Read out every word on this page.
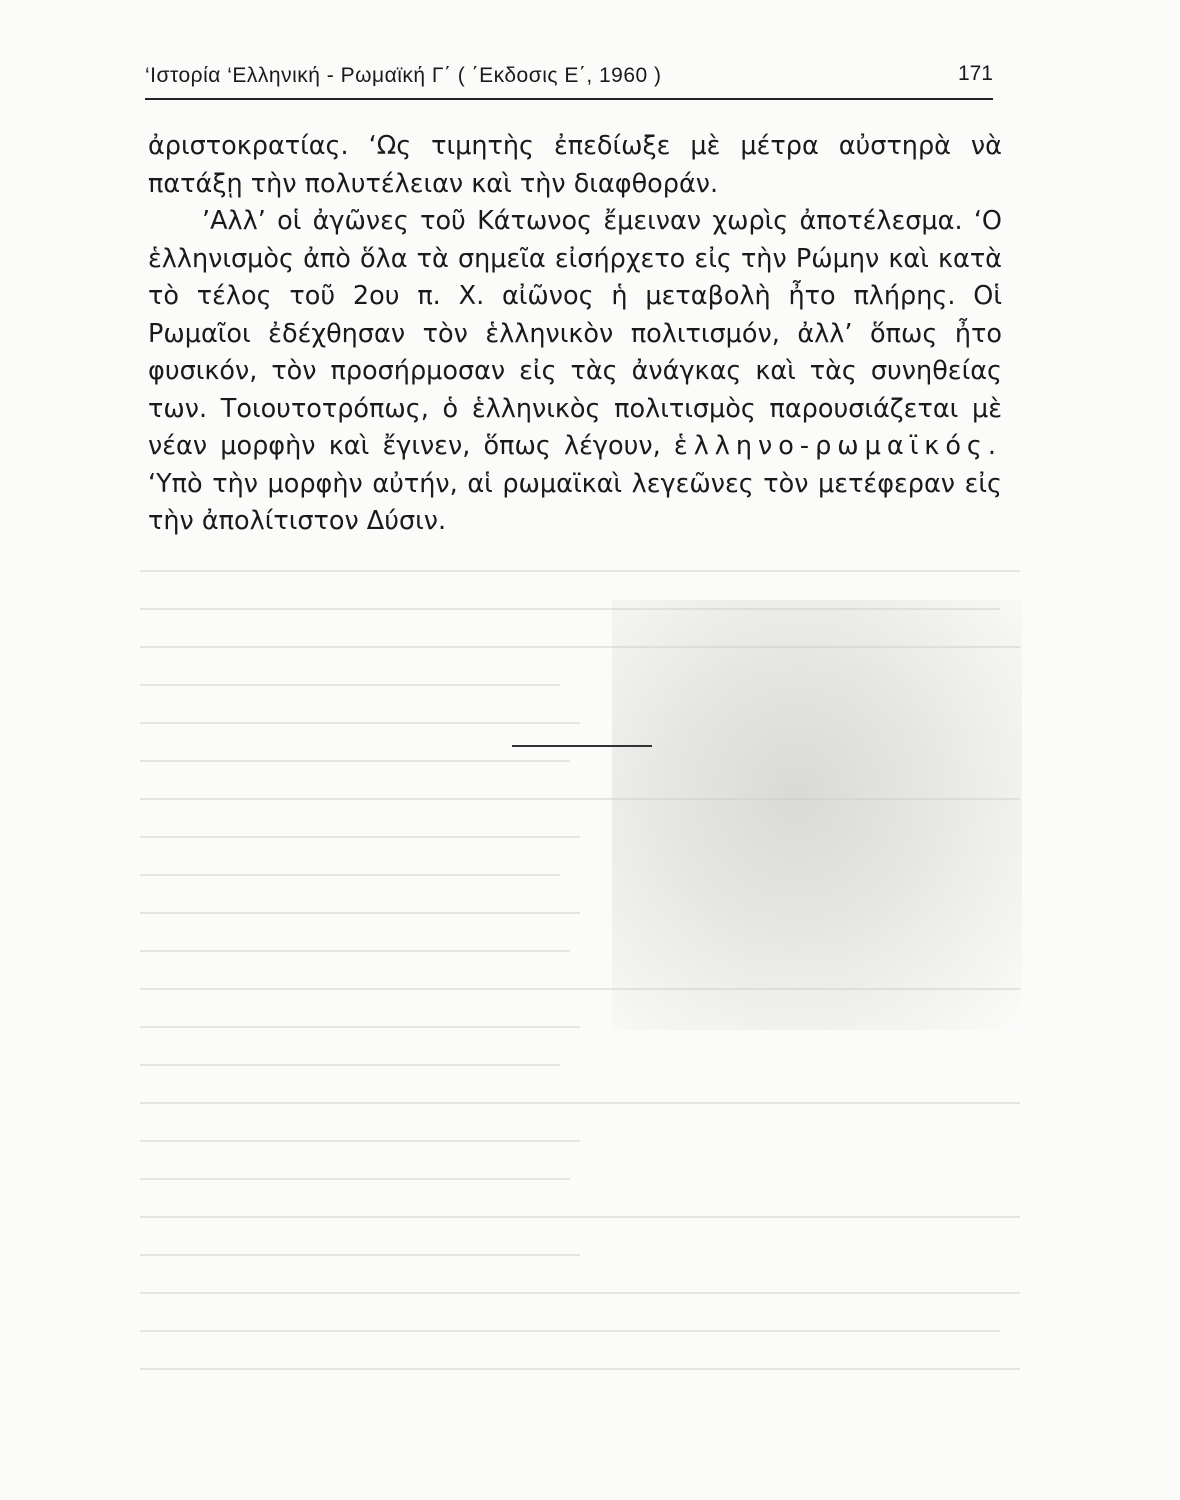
‘Ιστορία ‘Ελληνική - Ρωμαϊκή Γ΄ ( ΄Εκδοσις Ε΄, 1960 )	171

ἀριστοκρατίας. ‘Ως τιμητὴς ἐπεδίωξε μὲ μέτρα αὐστηρὰ νὰ πατάξῃ τὴν πολυτέλειαν καὶ τὴν διαφθοράν.

’Αλλ’ οἱ ἀγῶνες τοῦ Κάτωνος ἔμειναν χωρὶς ἀποτέλεσμα. ‘Ο ἑλληνισμὸς ἀπὸ ὅλα τὰ σημεῖα εἰσήρχετο εἰς τὴν Ρώμην καὶ κατὰ τὸ τέλος τοῦ 2ου π. Χ. αἰῶνος ἡ μεταβολὴ ἦτο πλήρης. Οἱ Ρωμαῖοι ἐδέχθησαν τὸν ἑλληνικὸν πολιτισμόν, ἀλλ’ ὅπως ἦτο φυσικόν, τὸν προσήρμοσαν εἰς τὰς ἀνάγκας καὶ τὰς συνηθείας των. Τοιουτοτρόπως, ὁ ἑλληνικὸς πολιτισμὸς παρουσιάζεται μὲ νέαν μορφὴν καὶ ἔγινεν, ὅπως λέγουν, ἑλληνο-ρωμαϊκός. ‘Υπὸ τὴν μορφὴν αὐτήν, αἱ ρωμαϊκαὶ λεγεῶνες τὸν μετέφεραν εἰς τὴν ἀπολίτιστον Δύσιν.
